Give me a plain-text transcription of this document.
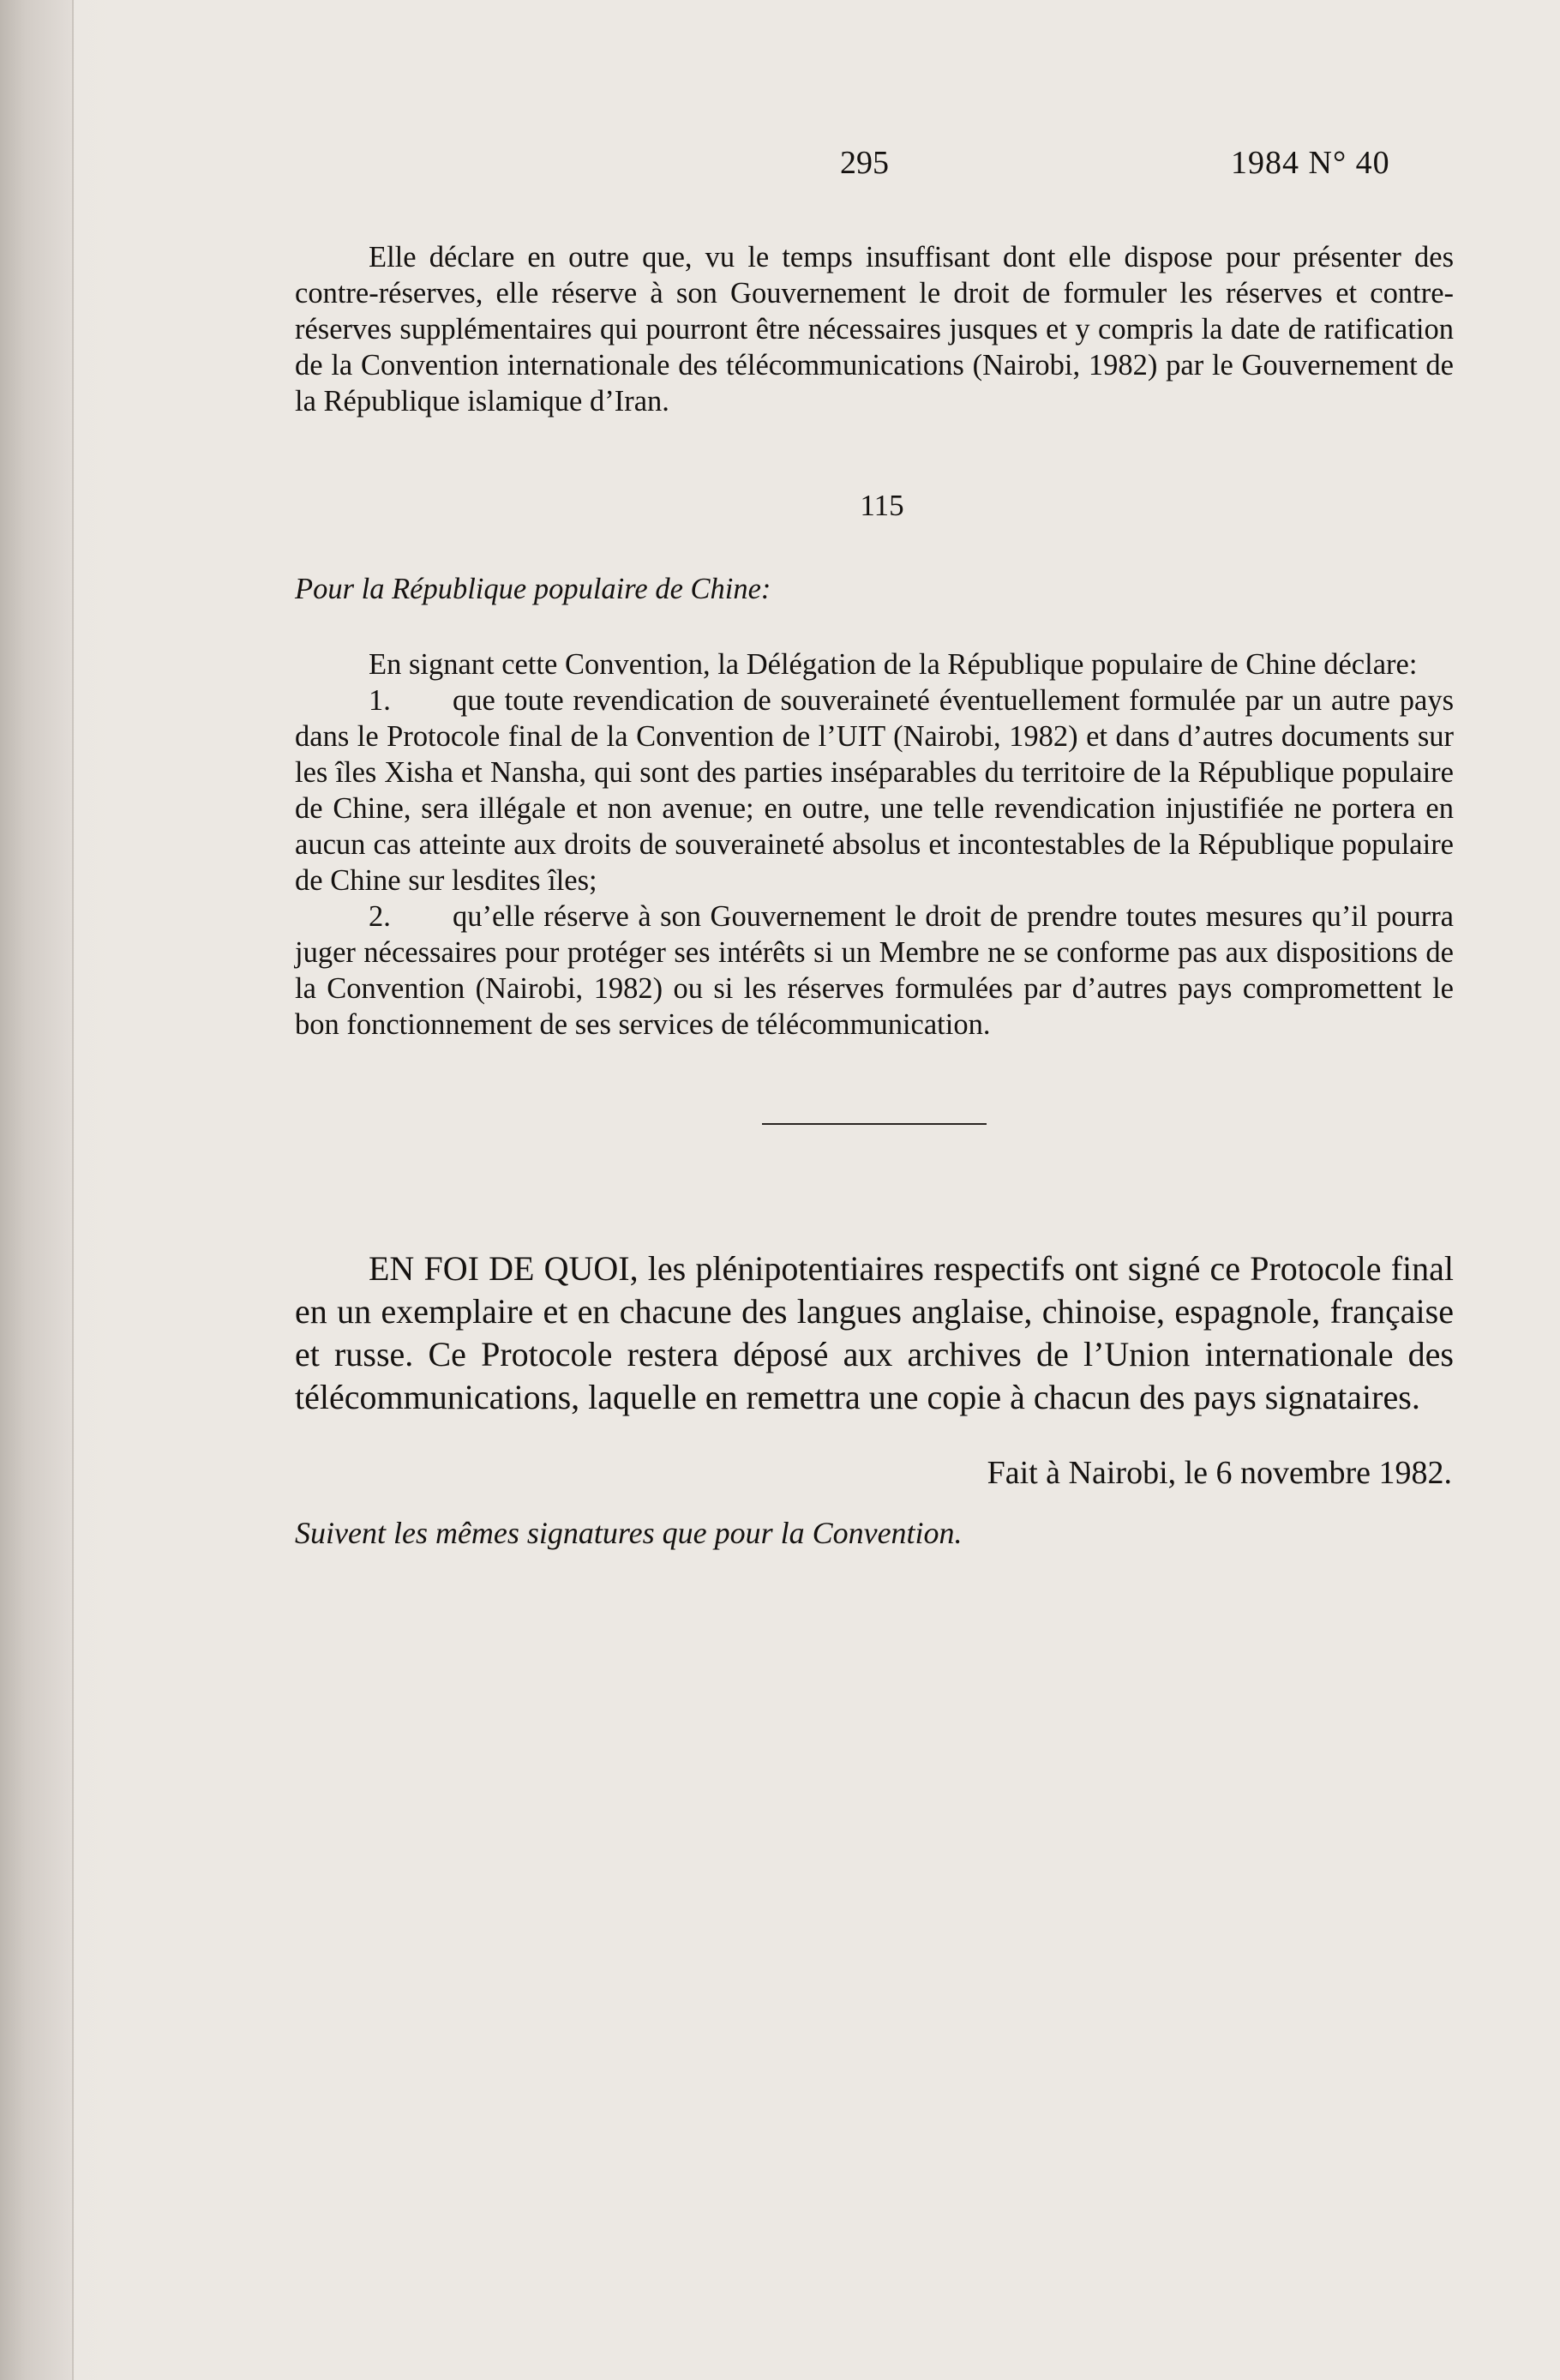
295	1984 N° 40

Elle déclare en outre que, vu le temps insuffisant dont elle dispose pour présenter des contre-réserves, elle réserve à son Gouvernement le droit de formuler les réserves et contre-réserves supplémentaires qui pourront être nécessaires jusques et y compris la date de ratification de la Convention internationale des télécommunications (Nairobi, 1982) par le Gouvernement de la République islamique d’Iran.

115

Pour la République populaire de Chine:

En signant cette Convention, la Délégation de la République populaire de Chine déclare:

1. que toute revendication de souveraineté éventuellement formulée par un autre pays dans le Protocole final de la Convention de l’UIT (Nairobi, 1982) et dans d’autres documents sur les îles Xisha et Nansha, qui sont des parties inséparables du territoire de la République populaire de Chine, sera illégale et non avenue; en outre, une telle revendication injustifiée ne portera en aucun cas atteinte aux droits de souveraineté absolus et incontestables de la République populaire de Chine sur lesdites îles;

2. qu’elle réserve à son Gouvernement le droit de prendre toutes mesures qu’il pourra juger nécessaires pour protéger ses intérêts si un Membre ne se conforme pas aux dispositions de la Convention (Nairobi, 1982) ou si les réserves formulées par d’autres pays compromettent le bon fonctionnement de ses services de télécommunication.

EN FOI DE QUOI, les plénipotentiaires respectifs ont signé ce Protocole final en un exemplaire et en chacune des langues anglaise, chinoise, espagnole, française et russe. Ce Protocole restera déposé aux archives de l’Union internationale des télécommunications, laquelle en remettra une copie à chacun des pays signataires.

Fait à Nairobi, le 6 novembre 1982.

Suivent les mêmes signatures que pour la Convention.
